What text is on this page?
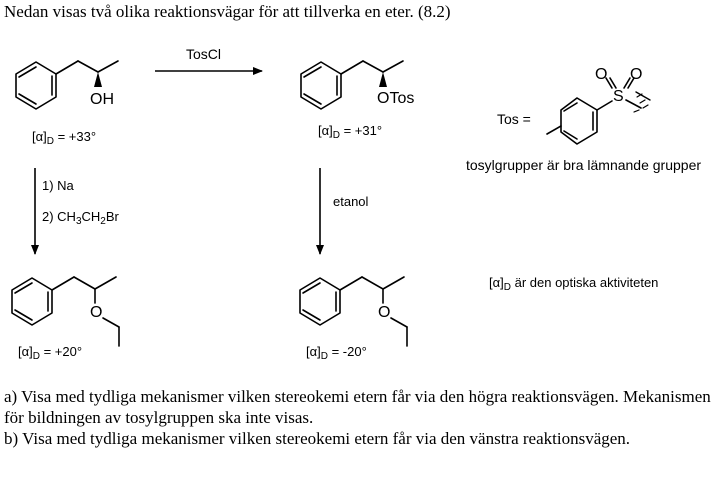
Nedan visas två olika reaktionsvägar för att tillverka en eter. (8.2)
TosCl
OH	OTos
O	O
$[\alpha]_D = +33^\circ$	$[\alpha]_D = +31^\circ$
$[\alpha]_D = +20^\circ$	$[\alpha]_D = -20^\circ$
1) Na
2) $CH_3CH_2Br$
etanol
Tos =
S
O O
tosylgrupper är bra lämnande grupper
$[\alpha]_D$ är den optiska aktiviteten

a) Visa med tydliga mekanismer vilken stereokemi etern får via den högra reaktionsvägen. Mekanismen för bildningen av tosylgruppen ska inte visas.

b) Visa med tydliga mekanismer vilken stereokemi etern får via den vänstra reaktionsvägen.
